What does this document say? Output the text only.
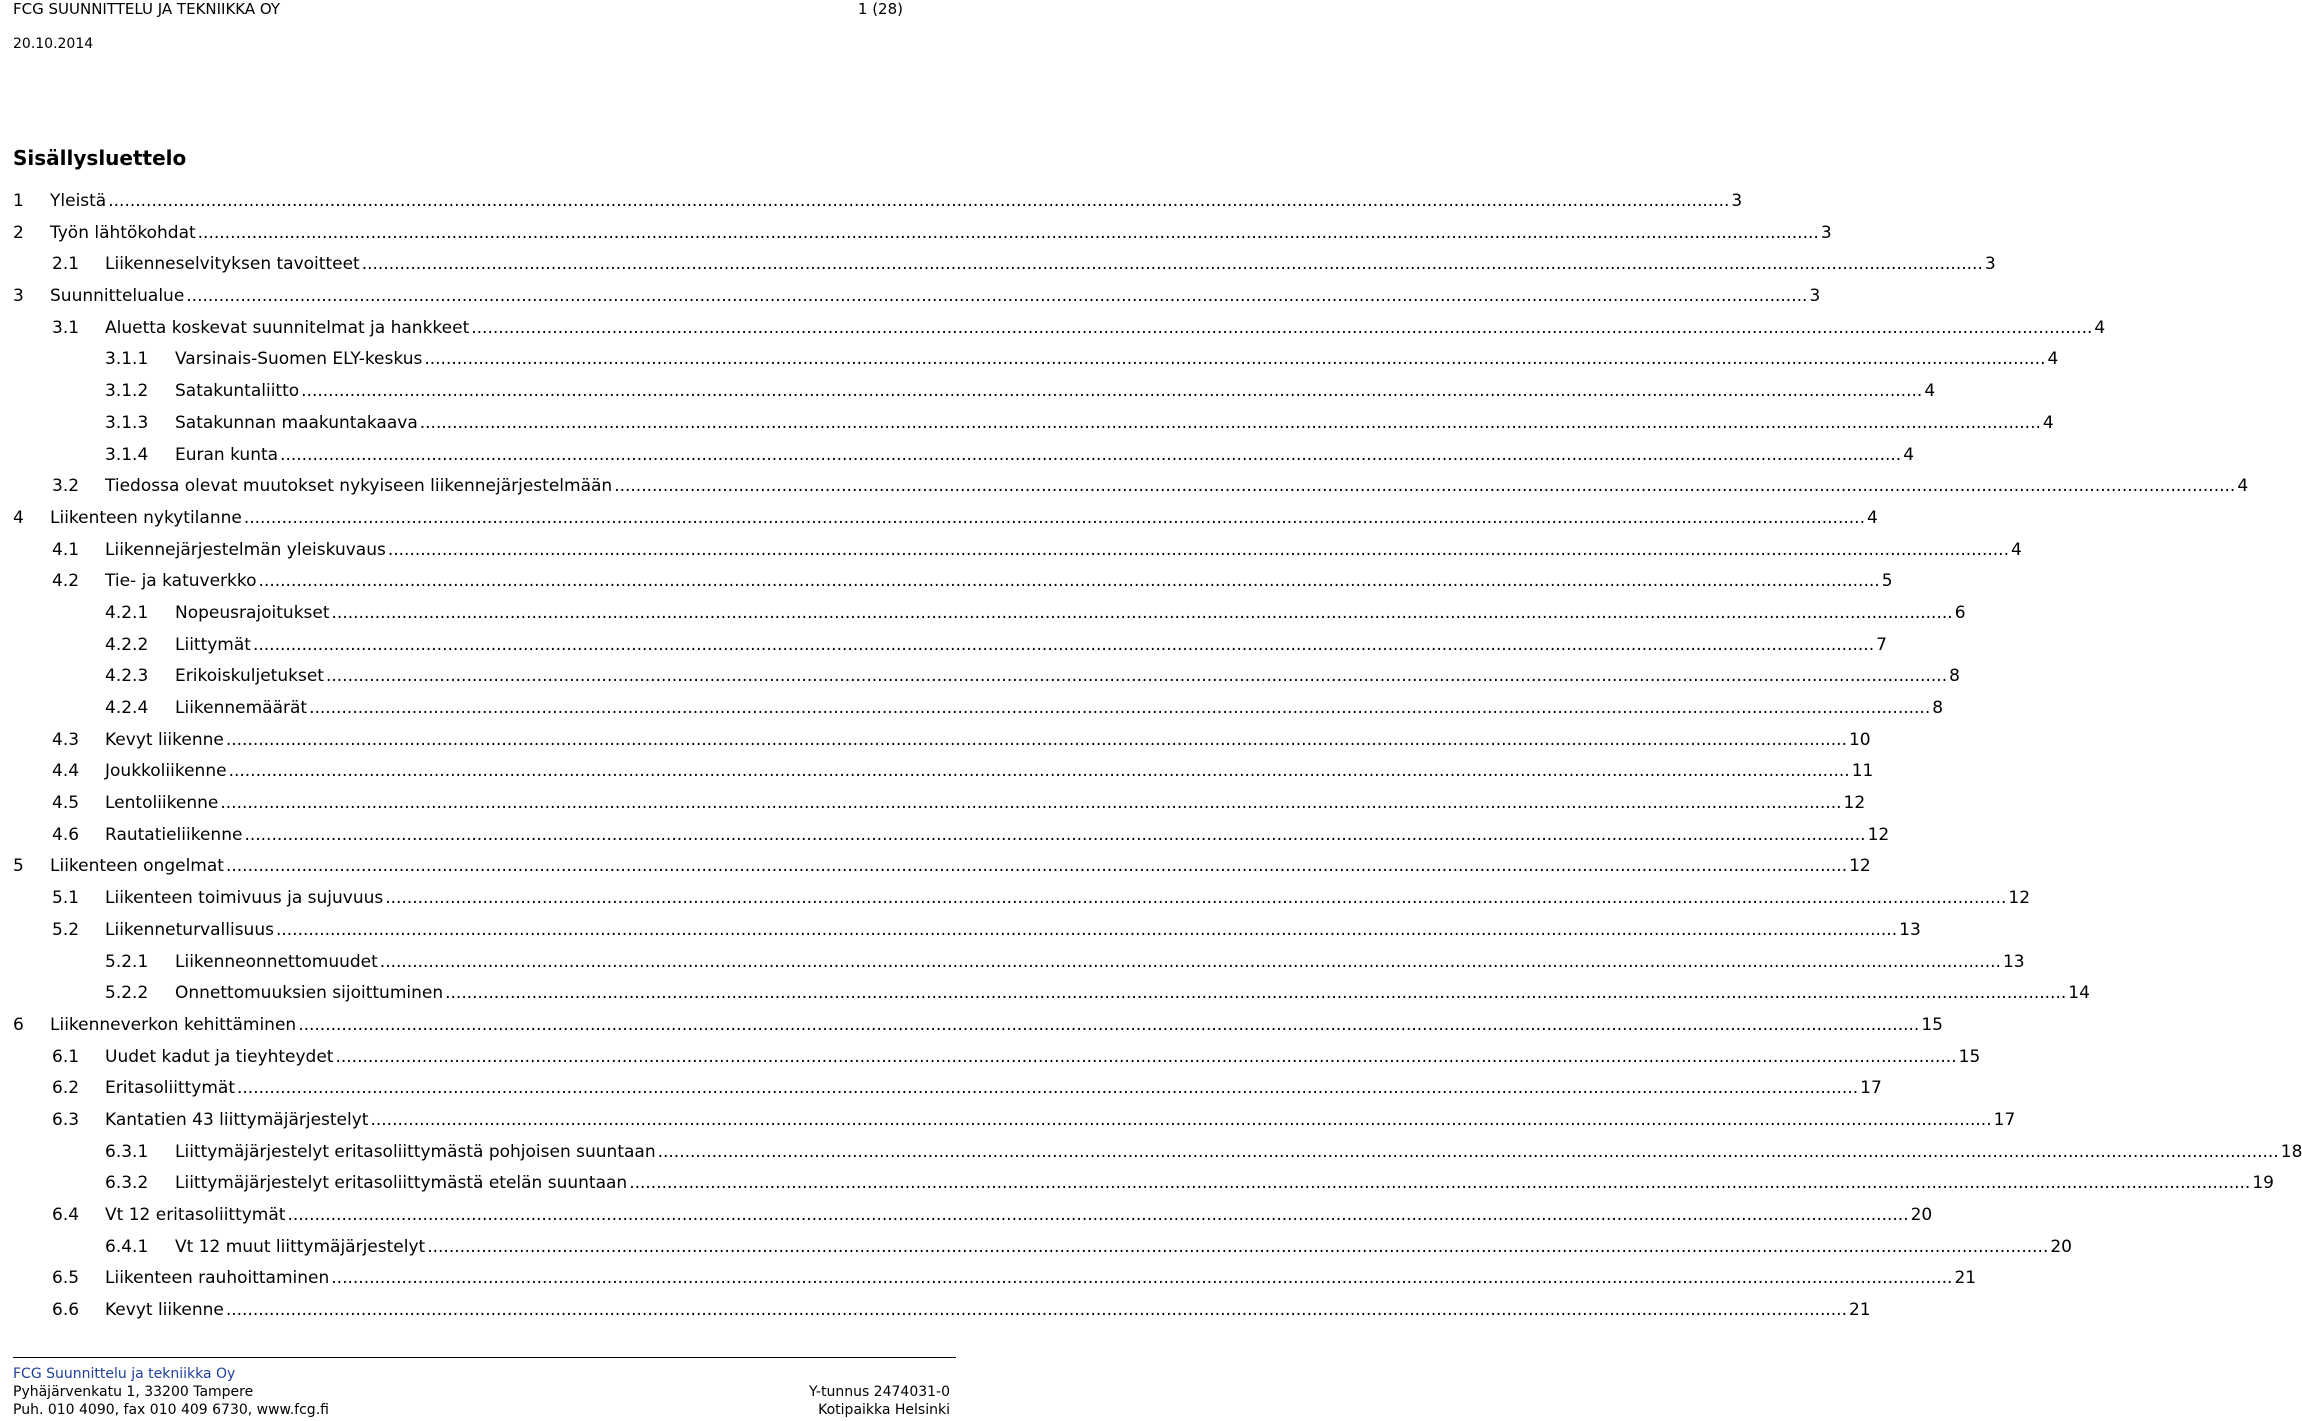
FCG SUUNNITTELU JA TEKNIIKKA OY	1 (28)
20.10.2014
Sisällysluettelo
1 Yleistä ............................................................................................................................................................................................................................................................................................................ 3
2 Työn lähtökohdat ............................................................................................................................................................................................................................................................................................................ 3
2.1 Liikenneselvityksen tavoitteet ............................................................................................................................................................................................................................................................................................................ 3
3 Suunnittelualue ............................................................................................................................................................................................................................................................................................................ 3
3.1 Aluetta koskevat suunnitelmat ja hankkeet ............................................................................................................................................................................................................................................................................................................ 4
3.1.1 Varsinais-Suomen ELY-keskus ............................................................................................................................................................................................................................................................................................................ 4
3.1.2 Satakuntaliitto ............................................................................................................................................................................................................................................................................................................ 4
3.1.3 Satakunnan maakuntakaava ............................................................................................................................................................................................................................................................................................................ 4
3.1.4 Euran kunta ............................................................................................................................................................................................................................................................................................................ 4
3.2 Tiedossa olevat muutokset nykyiseen liikennejärjestelmään ............................................................................................................................................................................................................................................................................................................ 4
4 Liikenteen nykytilanne ............................................................................................................................................................................................................................................................................................................ 4
4.1 Liikennejärjestelmän yleiskuvaus ............................................................................................................................................................................................................................................................................................................ 4
4.2 Tie- ja katuverkko ............................................................................................................................................................................................................................................................................................................ 5
4.2.1 Nopeusrajoitukset ............................................................................................................................................................................................................................................................................................................ 6
4.2.2 Liittymät ............................................................................................................................................................................................................................................................................................................ 7
4.2.3 Erikoiskuljetukset ............................................................................................................................................................................................................................................................................................................ 8
4.2.4 Liikennemäärät ............................................................................................................................................................................................................................................................................................................ 8
4.3 Kevyt liikenne ............................................................................................................................................................................................................................................................................................................ 10
4.4 Joukkoliikenne ............................................................................................................................................................................................................................................................................................................ 11
4.5 Lentoliikenne ............................................................................................................................................................................................................................................................................................................ 12
4.6 Rautatieliikenne ............................................................................................................................................................................................................................................................................................................ 12
5 Liikenteen ongelmat ............................................................................................................................................................................................................................................................................................................ 12
5.1 Liikenteen toimivuus ja sujuvuus ............................................................................................................................................................................................................................................................................................................ 12
5.2 Liikenneturvallisuus ............................................................................................................................................................................................................................................................................................................ 13
5.2.1 Liikenneonnettomuudet ............................................................................................................................................................................................................................................................................................................ 13
5.2.2 Onnettomuuksien sijoittuminen ............................................................................................................................................................................................................................................................................................................ 14
6 Liikenneverkon kehittäminen ............................................................................................................................................................................................................................................................................................................ 15
6.1 Uudet kadut ja tieyhteydet ............................................................................................................................................................................................................................................................................................................ 15
6.2 Eritasoliittymät ............................................................................................................................................................................................................................................................................................................ 17
6.3 Kantatien 43 liittymäjärjestelyt ............................................................................................................................................................................................................................................................................................................ 17
6.3.1 Liittymäjärjestelyt eritasoliittymästä pohjoisen suuntaan ............................................................................................................................................................................................................................................................................................................ 18
6.3.2 Liittymäjärjestelyt eritasoliittymästä etelän suuntaan ............................................................................................................................................................................................................................................................................................................ 19
6.4 Vt 12 eritasoliittymät ............................................................................................................................................................................................................................................................................................................ 20
6.4.1 Vt 12 muut liittymäjärjestelyt ............................................................................................................................................................................................................................................................................................................ 20
6.5 Liikenteen rauhoittaminen ............................................................................................................................................................................................................................................................................................................ 21
6.6 Kevyt liikenne ............................................................................................................................................................................................................................................................................................................ 21
FCG Suunnittelu ja tekniikka Oy
Pyhäjärvenkatu 1, 33200 Tampere
Puh. 010 4090, fax 010 409 6730, www.fcg.fi
Y-tunnus 2474031-0
Kotipaikka Helsinki
